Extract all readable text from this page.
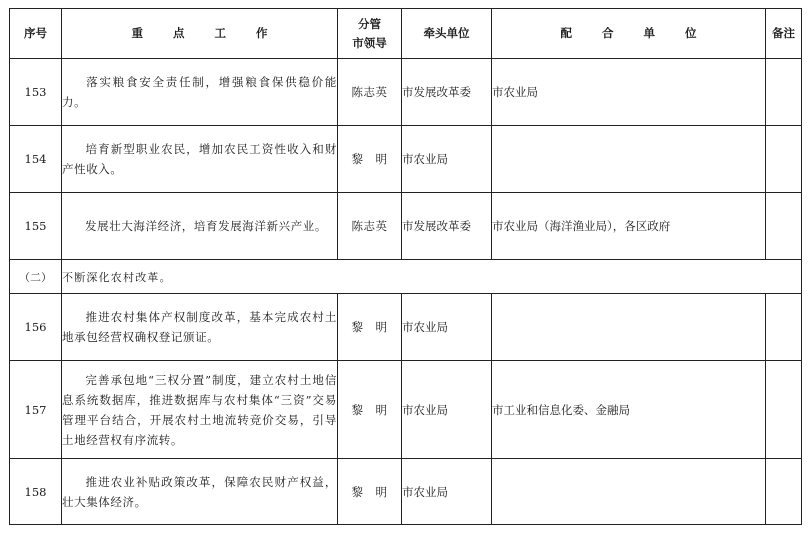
序号	重 点 工 作	分管
市领导	牵头单位	配 合 单 位	备注
153	落实粮食安全责任制，增强粮食保供稳价能力。	陈志英	市发展改革委	市农业局	
154	培育新型职业农民，增加农民工资性收入和财产性收入。	黎　明	市农业局		
155	发展壮大海洋经济，培育发展海洋新兴产业。	陈志英	市发展改革委	市农业局（海洋渔业局），各区政府	
（二）	不断深化农村改革。				
156	推进农村集体产权制度改革，基本完成农村土地承包经营权确权登记颁证。	黎　明	市农业局		
157	完善承包地“三权分置”制度，建立农村土地信息系统数据库，推进数据库与农村集体“三资”交易管理平台结合，开展农村土地流转竞价交易，引导土地经营权有序流转。	黎　明	市农业局	市工业和信息化委、金融局	
158	推进农业补贴政策改革，保障农民财产权益，壮大集体经济。	黎　明	市农业局		
